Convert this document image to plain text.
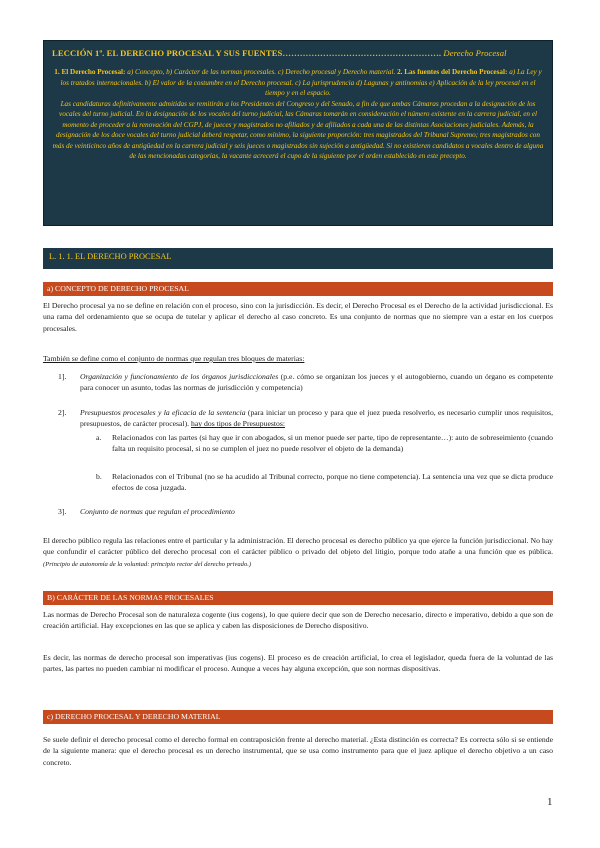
LECCIÓN 1ª. EL DERECHO PROCESAL Y SUS FUENTES………………………………………………. Derecho Procesal
1. El Derecho Procesal: a) Concepto, b) Carácter de las normas procesales. c) Derecho procesal y Derecho material. 2. Las fuentes del Derecho Procesal: a) La Ley y los tratados internacionales. b) El valor de la costumbre en el Derecho procesal. c) La jurisprudencia d) Lagunas y antinomias e) Aplicación de la ley procesal en el tiempo y en el espacio.
Las candidaturas definitivamente admitidas se remitirán a los Presidentes del Congreso y del Senado, a fin de que ambas Cámaras procedan a la designación de los vocales del turno judicial. En la designación de los vocales del turno judicial, las Cámaras tomarán en consideración el número existente en la carrera judicial, en el momento de proceder a la renovación del CGPJ, de jueces y magistrados no afiliados y de afiliados a cada una de las distintas Asociaciones judiciales. Además, la designación de los doce vocales del turno judicial deberá respetar, como mínimo, la siguiente proporción: tres magistrados del Tribunal Supremo; tres magistrados con más de veinticinco años de antigüedad en la carrera judicial y seis jueces o magistrados sin sujeción a antigüedad. Si no existieren candidatos a vocales dentro de alguna de las mencionadas categorías, la vacante acrecerá el cupo de la siguiente por el orden establecido en este precepto.
L. 1. 1. EL DERECHO PROCESAL
a) CONCEPTO DE DERECHO PROCESAL
El Derecho procesal ya no se define en relación con el proceso, sino con la jurisdicción. Es decir, el Derecho Procesal es el Derecho de la actividad jurisdiccional. Es una rama del ordenamiento que se ocupa de tutelar y aplicar el derecho al caso concreto. Es una conjunto de normas que no siempre van a estar en los cuerpos procesales.
También se define como el conjunto de normas que regulan tres bloques de materias:
1].	Organización y funcionamiento de los órganos jurisdiccionales (p.e. cómo se organizan los jueces y el autogobierno, cuando un órgano es competente para conocer un asunto, todas las normas de jurisdicción y competencia)
2].	Presupuestos procesales y la eficacia de la sentencia (para iniciar un proceso y para que el juez pueda resolverlo, es necesario cumplir unos requisitos, presupuestos, de carácter procesal). hay dos tipos de Presupuestos:
a.	Relacionados con las partes (si hay que ir con abogados, si un menor puede ser parte, tipo de representante…): auto de sobreseimiento (cuando falta un requisito procesal, si no se cumplen el juez no puede resolver el objeto de la demanda)
b.	Relacionados con el Tribunal (no se ha acudido al Tribunal correcto, porque no tiene competencia). La sentencia una vez que se dicta produce efectos de cosa juzgada.
3].	Conjunto de normas que regulan el procedimiento
El derecho público regula las relaciones entre el particular y la administración. El derecho procesal es derecho público ya que ejerce la función jurisdiccional. No hay que confundir el carácter público del derecho procesal con el carácter público o privado del objeto del litigio, porque todo atañe a una función que es pública. (Principio de autonomía de la voluntad: principio rector del derecho privado.)
B) CARÁCTER DE LAS NORMAS PROCESALES
Las normas de Derecho Procesal son de naturaleza cogente (ius cogens), lo que quiere decir que son de Derecho necesario, directo e imperativo, debido a que son de creación artificial. Hay excepciones en las que se aplica y caben las disposiciones de Derecho dispositivo.
Es decir, las normas de derecho procesal son imperativas (ius cogens). El proceso es de creación artificial, lo crea el legislador, queda fuera de la voluntad de las partes, las partes no pueden cambiar ni modificar el proceso. Aunque a veces hay alguna excepción, que son normas dispositivas.
c) DERECHO PROCESAL Y DERECHO MATERIAL
Se suele definir el derecho procesal como el derecho formal en contraposición frente al derecho material. ¿Esta distinción es correcta? Es correcta sólo si se entiende de la siguiente manera: que el derecho procesal es un derecho instrumental, que se usa como instrumento para que el juez aplique el derecho objetivo a un caso concreto.
1
